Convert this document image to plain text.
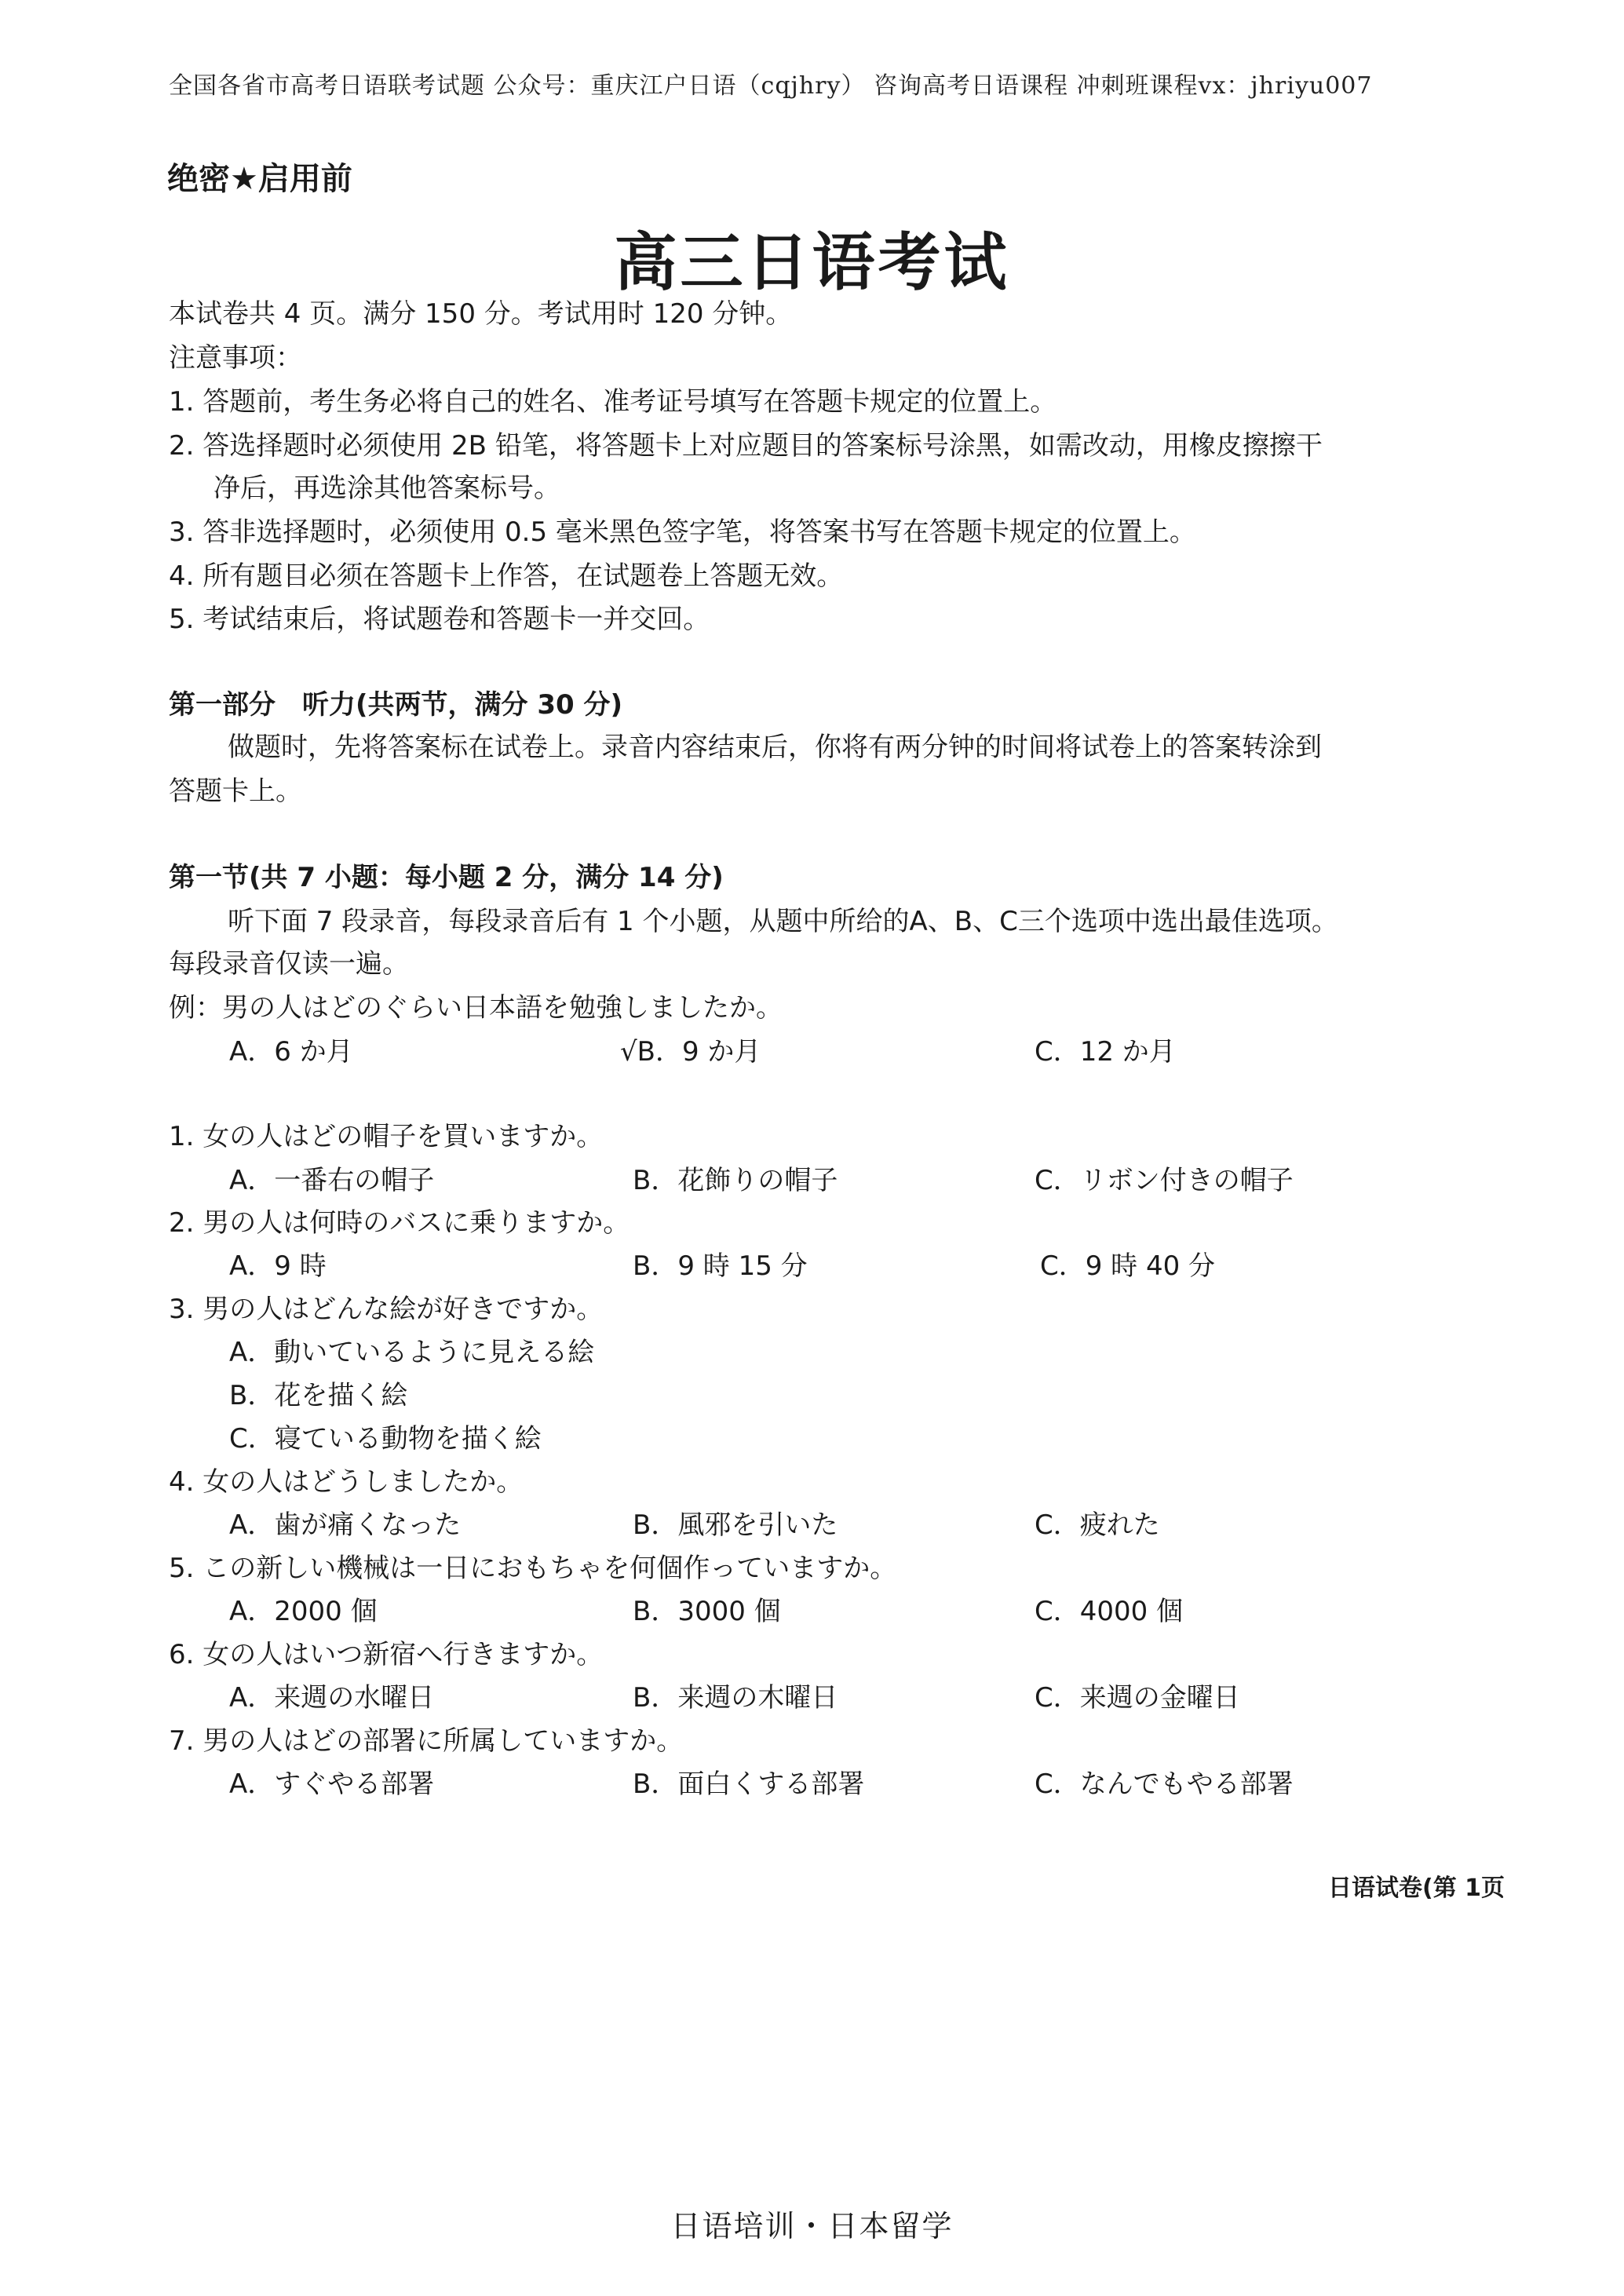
全国各省市高考日语联考试题 公众号：重庆江户日语（cqjhry） 咨询高考日语课程 冲刺班课程vx：jhriyu007
绝密★启用前
高三日语考试
本试卷共 4 页。满分 150 分。考试用时 120 分钟。
注意事项：
1. 答题前，考生务必将自己的姓名、准考证号填写在答题卡规定的位置上。
2. 答选择题时必须使用 2B 铅笔，将答题卡上对应题目的答案标号涂黑，如需改动，用橡皮擦擦干
净后，再选涂其他答案标号。
3. 答非选择题时，必须使用 0.5 毫米黑色签字笔，将答案书写在答题卡规定的位置上。
4. 所有题目必须在答题卡上作答，在试题卷上答题无效。
5. 考试结束后，将试题卷和答题卡一并交回。
第一部分　听力(共两节，满分 30 分)
做题时，先将答案标在试卷上。录音内容结束后，你将有两分钟的时间将试卷上的答案转涂到
答题卡上。
第一节(共 7 小题：每小题 2 分，满分 14 分)
听下面 7 段录音，每段录音后有 1 个小题，从题中所给的A、B、C三个选项中选出最佳选项。
每段录音仅读一遍。
例：男の人はどのぐらい日本語を勉強しましたか。
A．6 か月	√B．9 か月	C．12 か月
1. 女の人はどの帽子を買いますか。
A．一番右の帽子	B．花飾りの帽子	C．リボン付きの帽子
2. 男の人は何時のバスに乗りますか。
A．9 時	B．9 時 15 分	C．9 時 40 分
3. 男の人はどんな絵が好きですか。
A．動いているように見える絵
B．花を描く絵
C．寝ている動物を描く絵
4. 女の人はどうしましたか。
A．歯が痛くなった	B．風邪を引いた	C．疲れた
5. この新しい機械は一日におもちゃを何個作っていますか。
A．2000 個	B．3000 個	C．4000 個
6. 女の人はいつ新宿へ行きますか。
A．来週の水曜日	B．来週の木曜日	C．来週の金曜日
7. 男の人はどの部署に所属していますか。
A．すぐやる部署	B．面白くする部署	C．なんでもやる部署
日语试卷(第 1页
日语培训・日本留学
